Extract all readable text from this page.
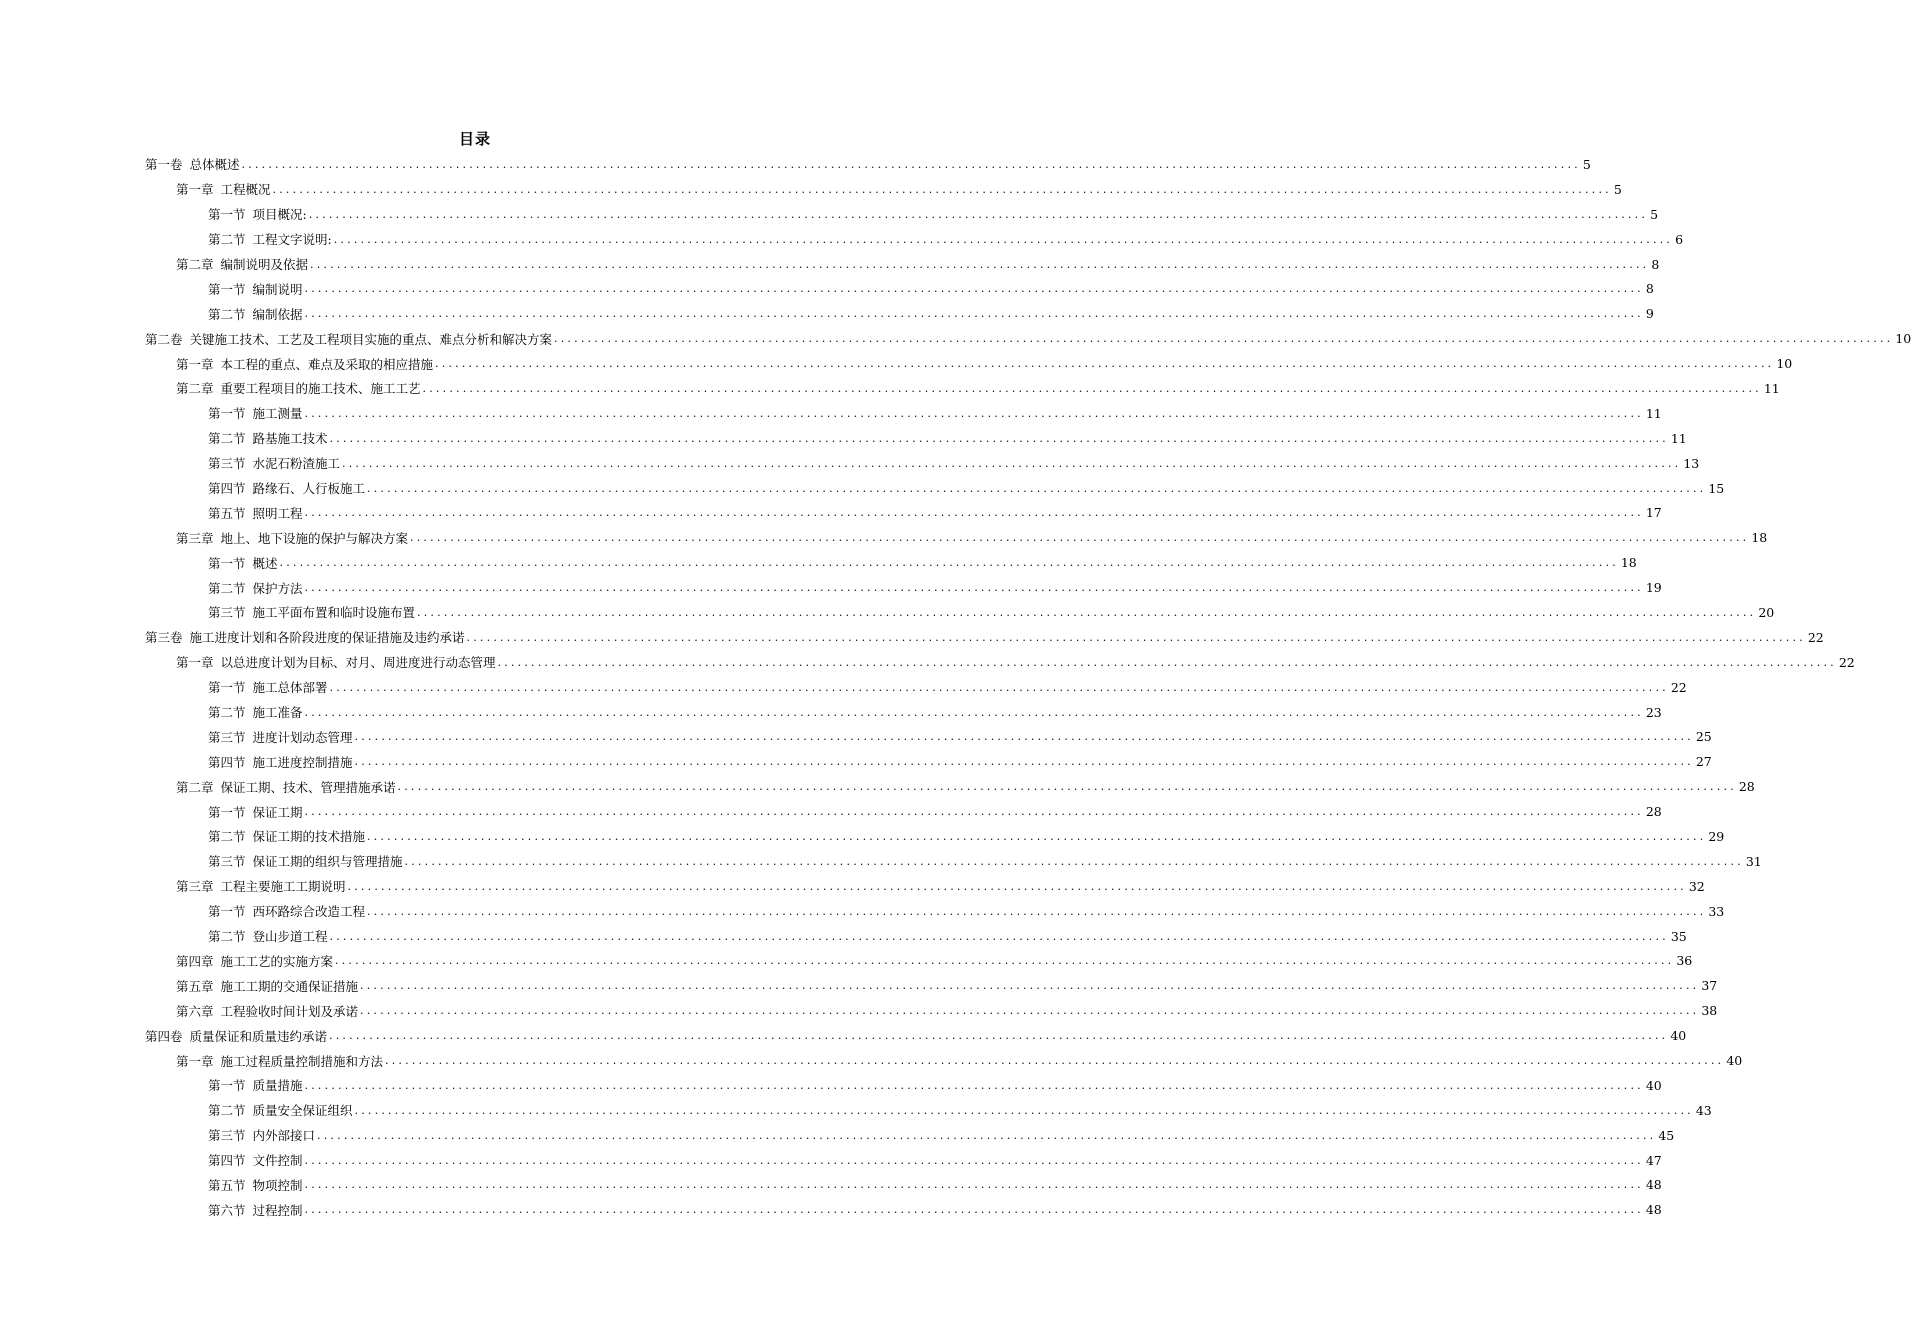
目录
第一卷 总体概述 ........................................................................................................................................................................................................ 5
第一章 工程概况 ........................................................................................................................................................................................................ 5
第一节 项目概况: ........................................................................................................................................................................................................ 5
第二节 工程文字说明: ........................................................................................................................................................................................................ 6
第二章 编制说明及依据 ........................................................................................................................................................................................................ 8
第一节 编制说明 ........................................................................................................................................................................................................ 8
第二节 编制依据 ........................................................................................................................................................................................................ 9
第二卷 关键施工技术、工艺及工程项目实施的重点、难点分析和解决方案 ........................................................................................................................................................................................................ 10
第一章 本工程的重点、难点及采取的相应措施 ........................................................................................................................................................................................................ 10
第二章 重要工程项目的施工技术、施工工艺 ........................................................................................................................................................................................................ 11
第一节 施工测量 ........................................................................................................................................................................................................ 11
第二节 路基施工技术 ........................................................................................................................................................................................................ 11
第三节 水泥石粉渣施工 ........................................................................................................................................................................................................ 13
第四节 路缘石、人行板施工 ........................................................................................................................................................................................................ 15
第五节 照明工程 ........................................................................................................................................................................................................ 17
第三章 地上、地下设施的保护与解决方案 ........................................................................................................................................................................................................ 18
第一节 概述 ........................................................................................................................................................................................................ 18
第二节 保护方法 ........................................................................................................................................................................................................ 19
第三节 施工平面布置和临时设施布置 ........................................................................................................................................................................................................ 20
第三卷 施工进度计划和各阶段进度的保证措施及违约承诺 ........................................................................................................................................................................................................ 22
第一章 以总进度计划为目标、对月、周进度进行动态管理 ........................................................................................................................................................................................................ 22
第一节 施工总体部署 ........................................................................................................................................................................................................ 22
第二节 施工准备 ........................................................................................................................................................................................................ 23
第三节 进度计划动态管理 ........................................................................................................................................................................................................ 25
第四节 施工进度控制措施 ........................................................................................................................................................................................................ 27
第二章 保证工期、技术、管理措施承诺 ........................................................................................................................................................................................................ 28
第一节 保证工期 ........................................................................................................................................................................................................ 28
第二节 保证工期的技术措施 ........................................................................................................................................................................................................ 29
第三节 保证工期的组织与管理措施 ........................................................................................................................................................................................................ 31
第三章 工程主要施工工期说明 ........................................................................................................................................................................................................ 32
第一节 西环路综合改造工程 ........................................................................................................................................................................................................ 33
第二节 登山步道工程 ........................................................................................................................................................................................................ 35
第四章 施工工艺的实施方案 ........................................................................................................................................................................................................ 36
第五章 施工工期的交通保证措施 ........................................................................................................................................................................................................ 37
第六章 工程验收时间计划及承诺 ........................................................................................................................................................................................................ 38
第四卷 质量保证和质量违约承诺 ........................................................................................................................................................................................................ 40
第一章 施工过程质量控制措施和方法 ........................................................................................................................................................................................................ 40
第一节 质量措施 ........................................................................................................................................................................................................ 40
第二节 质量安全保证组织 ........................................................................................................................................................................................................ 43
第三节 内外部接口 ........................................................................................................................................................................................................ 45
第四节 文件控制 ........................................................................................................................................................................................................ 47
第五节 物项控制 ........................................................................................................................................................................................................ 48
第六节 过程控制 ........................................................................................................................................................................................................ 48
